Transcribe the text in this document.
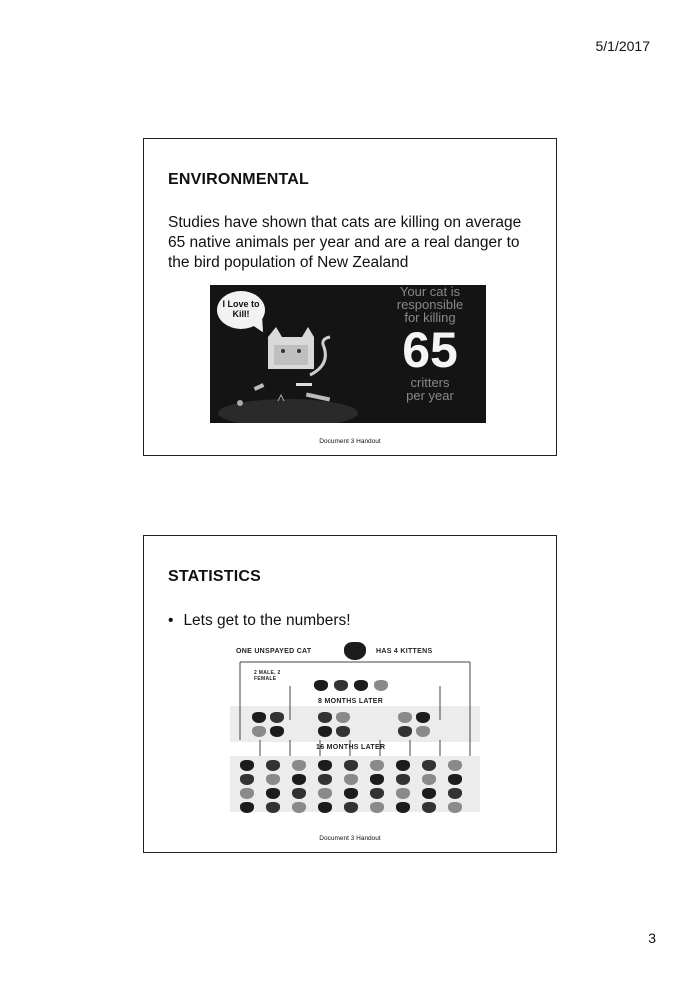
5/1/2017
ENVIRONMENTAL
Studies have shown that cats are killing on average 65 native animals per year and are a real danger to the bird population of New Zealand
I Love to Kill!
Your cat is
responsible
for killing
65
critters
per year
Document 3 Handout
STATISTICS
• Lets get to the numbers!
ONE UNSPAYED CAT	HAS 4 KITTENS
2 MALE, 2 FEMALE
8 MONTHS LATER
16 MONTHS LATER
Document 3 Handout
3
